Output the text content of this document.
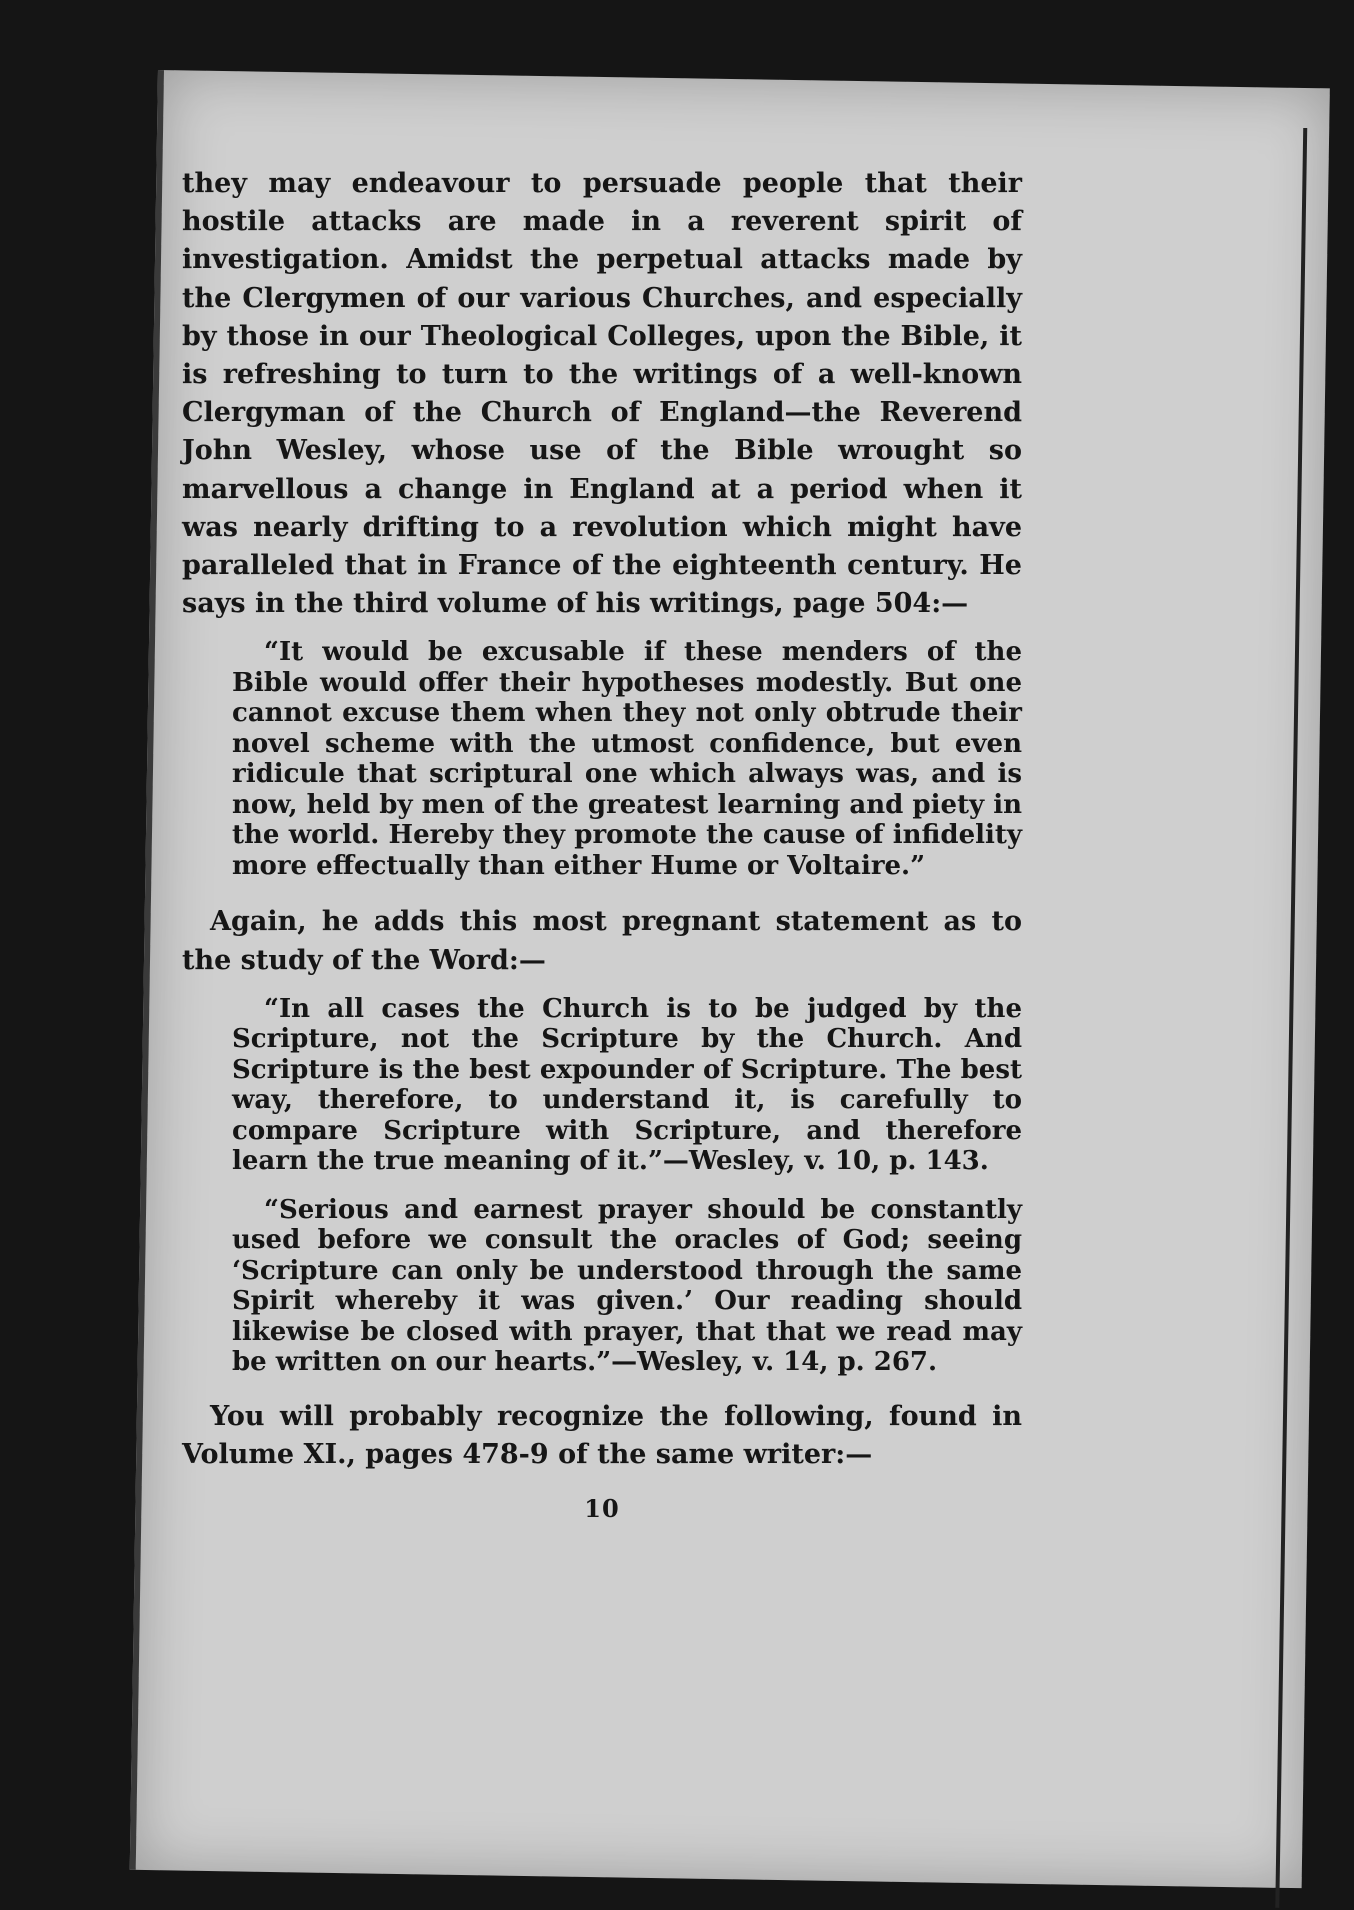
they may endeavour to persuade people that their hostile attacks are made in a reverent spirit of investigation. Amidst the perpetual attacks made by the Clergymen of our various Churches, and especially by those in our Theological Colleges, upon the Bible, it is refreshing to turn to the writings of a well-known Clergyman of the Church of England—the Reverend John Wesley, whose use of the Bible wrought so marvellous a change in England at a period when it was nearly drifting to a revolution which might have paralleled that in France of the eighteenth century. He says in the third volume of his writings, page 504:—

“It would be excusable if these menders of the Bible would offer their hypotheses modestly. But one cannot excuse them when they not only obtrude their novel scheme with the utmost confidence, but even ridicule that scriptural one which always was, and is now, held by men of the greatest learning and piety in the world. Hereby they promote the cause of infidelity more effectually than either Hume or Voltaire.”

Again, he adds this most pregnant statement as to the study of the Word:—

“In all cases the Church is to be judged by the Scripture, not the Scripture by the Church. And Scripture is the best expounder of Scripture. The best way, therefore, to understand it, is carefully to compare Scripture with Scripture, and therefore learn the true meaning of it.”—Wesley, v. 10, p. 143.

“Serious and earnest prayer should be constantly used before we consult the oracles of God; seeing ‘Scripture can only be understood through the same Spirit whereby it was given.’ Our reading should likewise be closed with prayer, that that we read may be written on our hearts.”—Wesley, v. 14, p. 267.

You will probably recognize the following, found in Volume XI., pages 478-9 of the same writer:—

10
